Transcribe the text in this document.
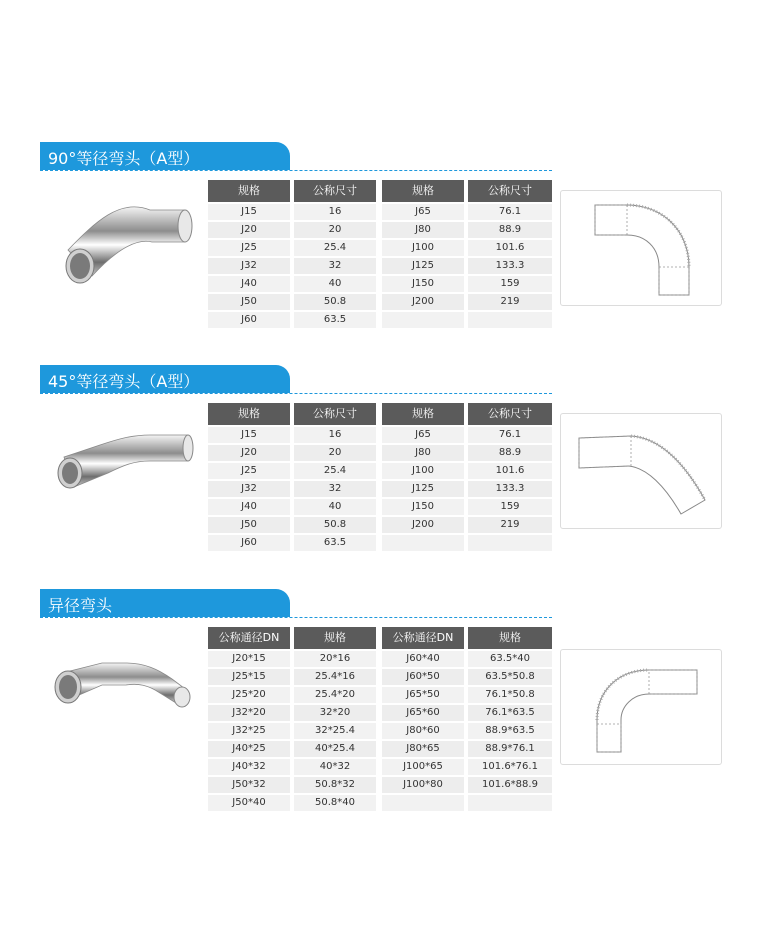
90°等径弯头（A型）
规格	公称尺寸	规格	公称尺寸
J15	16	J65	76.1
J20	20	J80	88.9
J25	25.4	J100	101.6
J32	32	J125	133.3
J40	40	J150	159
J50	50.8	J200	219
J60	63.5
45°等径弯头（A型）
规格	公称尺寸	规格	公称尺寸
J15	16	J65	76.1
J20	20	J80	88.9
J25	25.4	J100	101.6
J32	32	J125	133.3
J40	40	J150	159
J50	50.8	J200	219
J60	63.5
异径弯头
公称通径DN	规格	公称通径DN	规格
J20*15	20*16	J60*40	63.5*40
J25*15	25.4*16	J60*50	63.5*50.8
J25*20	25.4*20	J65*50	76.1*50.8
J32*20	32*20	J65*60	76.1*63.5
J32*25	32*25.4	J80*60	88.9*63.5
J40*25	40*25.4	J80*65	88.9*76.1
J40*32	40*32	J100*65	101.6*76.1
J50*32	50.8*32	J100*80	101.6*88.9
J50*40	50.8*40
